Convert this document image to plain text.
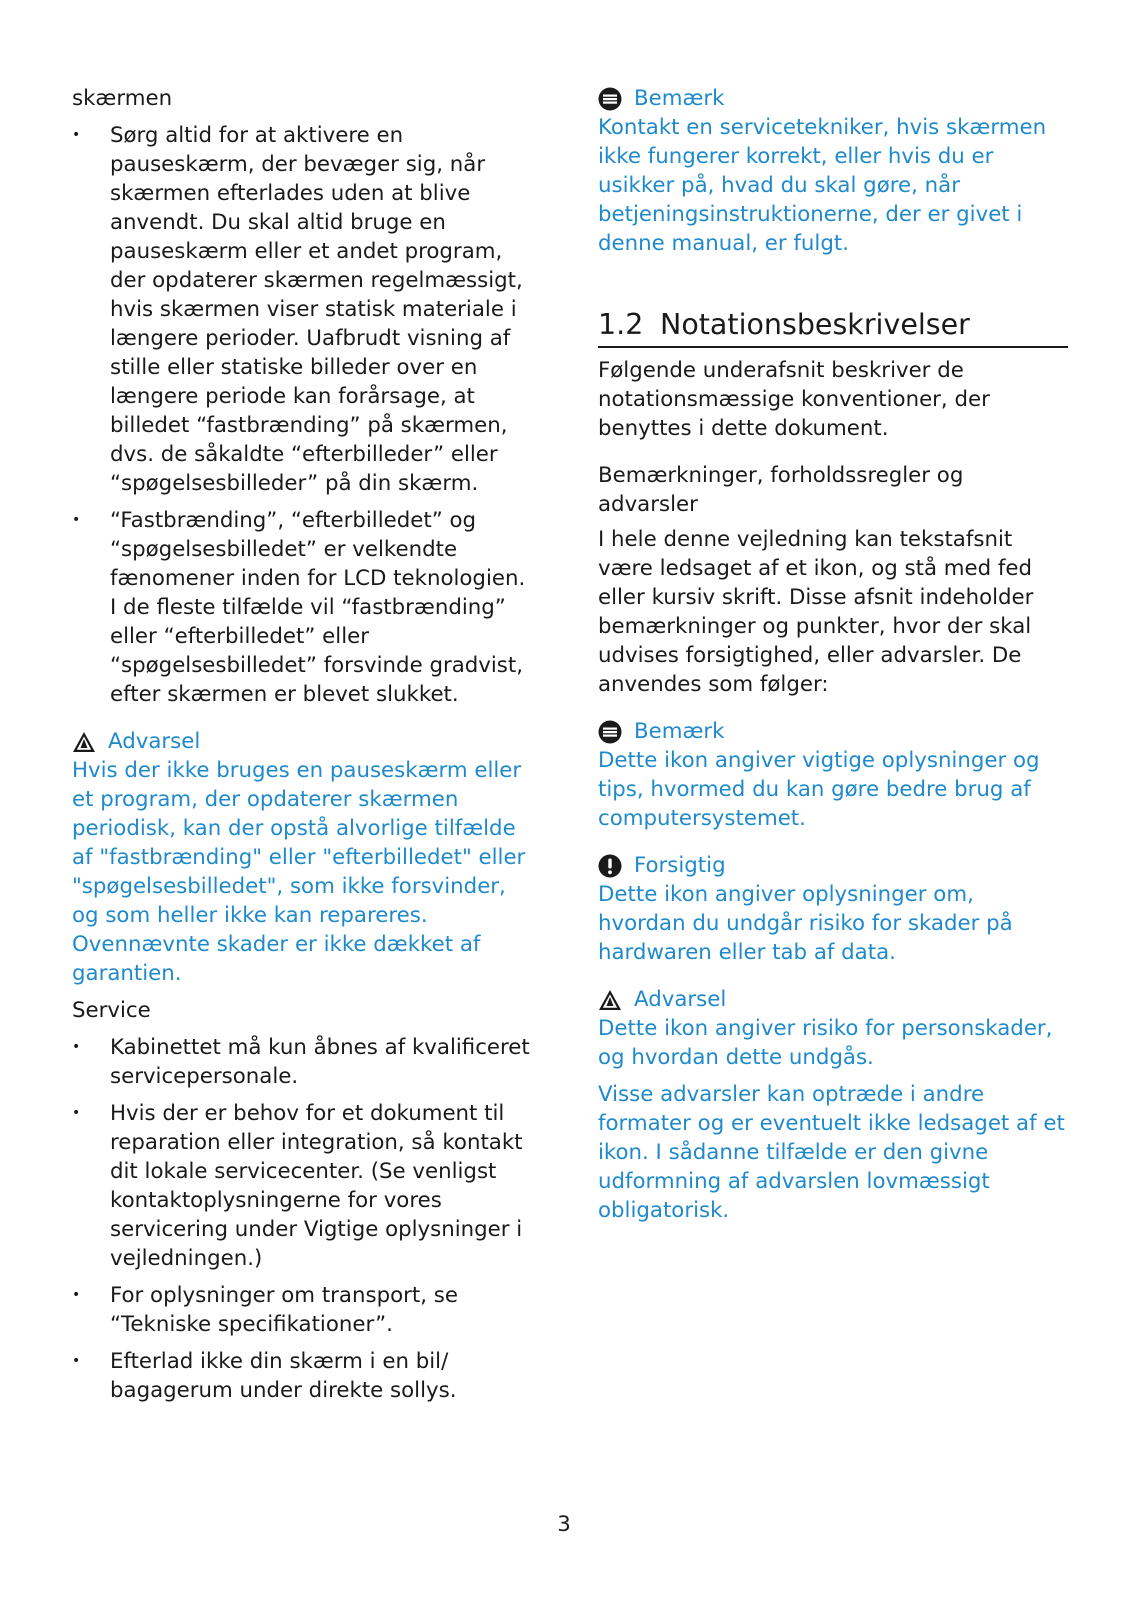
skærmen

• Sørg altid for at aktivere en pauseskærm, der bevæger sig, når skærmen efterlades uden at blive anvendt. Du skal altid bruge en pauseskærm eller et andet program, der opdaterer skærmen regelmæssigt, hvis skærmen viser statisk materiale i længere perioder. Uafbrudt visning af stille eller statiske billeder over en længere periode kan forårsage, at billedet “fastbrænding” på skærmen, dvs. de såkaldte “efterbilleder” eller “spøgelsesbilleder” på din skærm.
• “Fastbrænding”, “efterbilledet” og “spøgelsesbilledet” er velkendte fænomener inden for LCD teknologien. I de fleste tilfælde vil “fastbrænding” eller “efterbilledet” eller “spøgelsesbilledet” forsvinde gradvist, efter skærmen er blevet slukket.
Advarsel

Hvis der ikke bruges en pauseskærm eller et program, der opdaterer skærmen periodisk, kan der opstå alvorlige tilfælde af "fastbrænding" eller "efterbilledet" eller "spøgelsesbilledet", som ikke forsvinder, og som heller ikke kan repareres. Ovennævnte skader er ikke dækket af garantien.

Service

• Kabinettet må kun åbnes af kvalificeret servicepersonale.
• Hvis der er behov for et dokument til reparation eller integration, så kontakt dit lokale servicecenter. (Se venligst kontaktoplysningerne for vores servicering under Vigtige oplysninger i vejledningen.)
• For oplysninger om transport, se “Tekniske specifikationer”.
• Efterlad ikke din skærm i en bil/ bagagerum under direkte sollys.
Bemærk

Kontakt en servicetekniker, hvis skærmen ikke fungerer korrekt, eller hvis du er usikker på, hvad du skal gøre, når betjeningsinstruktionerne, der er givet i denne manual, er fulgt.

1.2 Notationsbeskrivelser

Følgende underafsnit beskriver de notationsmæssige konventioner, der benyttes i dette dokument.

Bemærkninger, forholdssregler og advarsler

I hele denne vejledning kan tekstafsnit være ledsaget af et ikon, og stå med fed eller kursiv skrift. Disse afsnit indeholder bemærkninger og punkter, hvor der skal udvises forsigtighed, eller advarsler. De anvendes som følger:

Bemærk

Dette ikon angiver vigtige oplysninger og tips, hvormed du kan gøre bedre brug af computersystemet.

Forsigtig

Dette ikon angiver oplysninger om, hvordan du undgår risiko for skader på hardwaren eller tab af data.

Advarsel

Dette ikon angiver risiko for personskader, og hvordan dette undgås.

Visse advarsler kan optræde i andre formater og er eventuelt ikke ledsaget af et ikon. I sådanne tilfælde er den givne udformning af advarslen lovmæssigt obligatorisk.

3
